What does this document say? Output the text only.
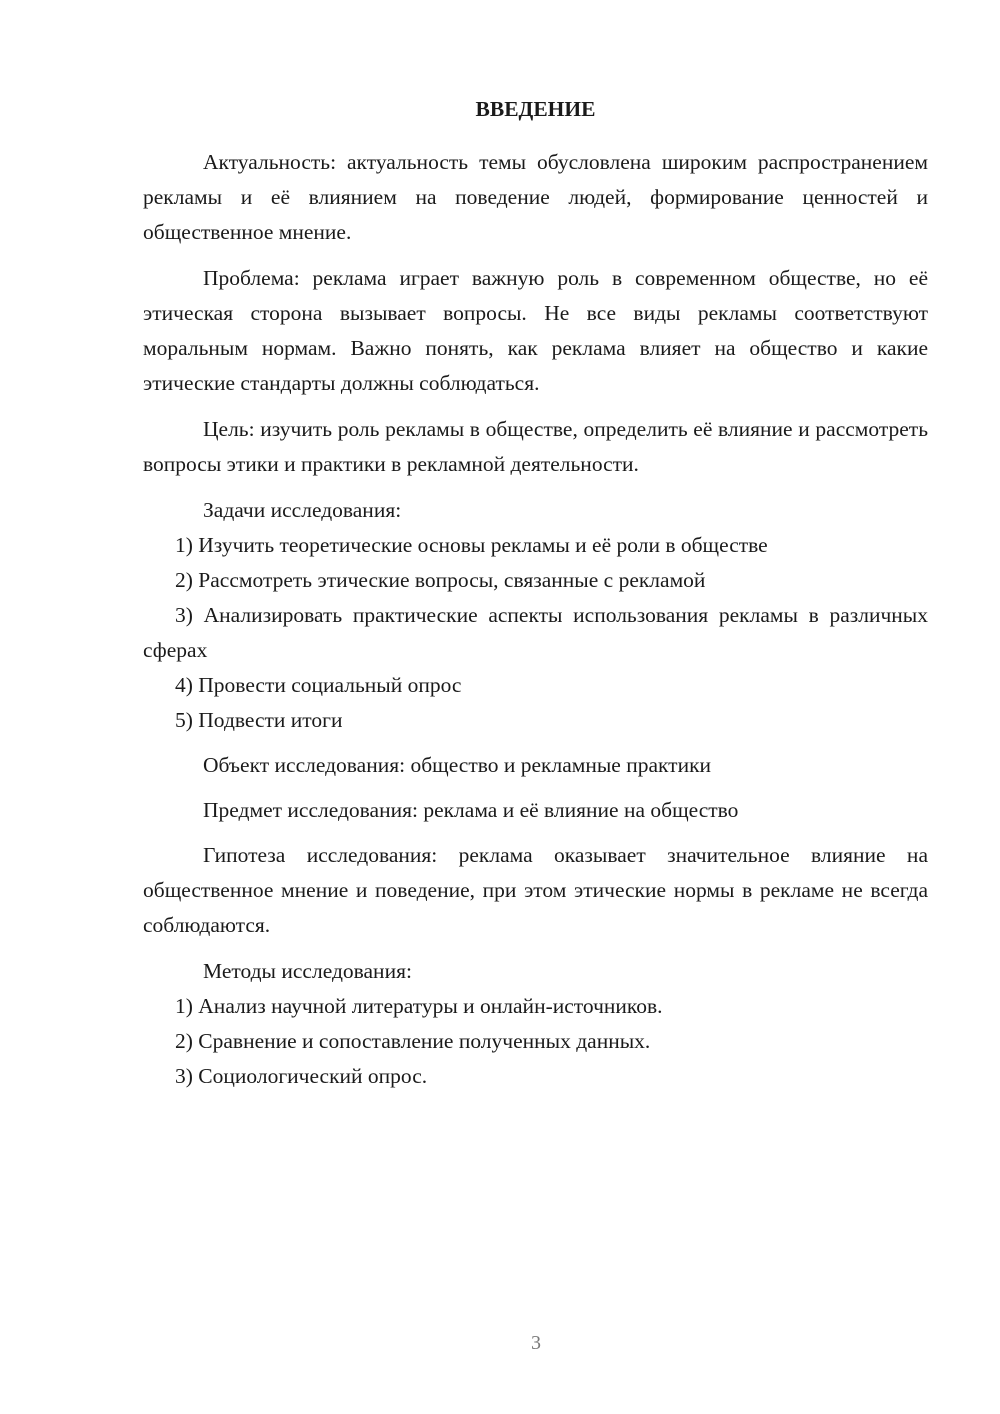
ВВЕДЕНИЕ

Актуальность: актуальность темы обусловлена широким распространением рекламы и её влиянием на поведение людей, формирование ценностей и общественное мнение.

Проблема: реклама играет важную роль в современном обществе, но её этическая сторона вызывает вопросы. Не все виды рекламы соответствуют моральным нормам. Важно понять, как реклама влияет на общество и какие этические стандарты должны соблюдаться.

Цель: изучить роль рекламы в обществе, определить её влияние и рассмотреть вопросы этики и практики в рекламной деятельности.

Задачи исследования:

1) Изучить теоретические основы рекламы и её роли в обществе

2) Рассмотреть этические вопросы, связанные с рекламой

3) Анализировать практические аспекты использования рекламы в различных сферах

4) Провести социальный опрос

5) Подвести итоги

Объект исследования: общество и рекламные практики

Предмет исследования: реклама и её влияние на общество

Гипотеза исследования: реклама оказывает значительное влияние на общественное мнение и поведение, при этом этические нормы в рекламе не всегда соблюдаются.

Методы исследования:

1) Анализ научной литературы и онлайн-источников.

2) Сравнение и сопоставление полученных данных.

3) Социологический опрос.

3
